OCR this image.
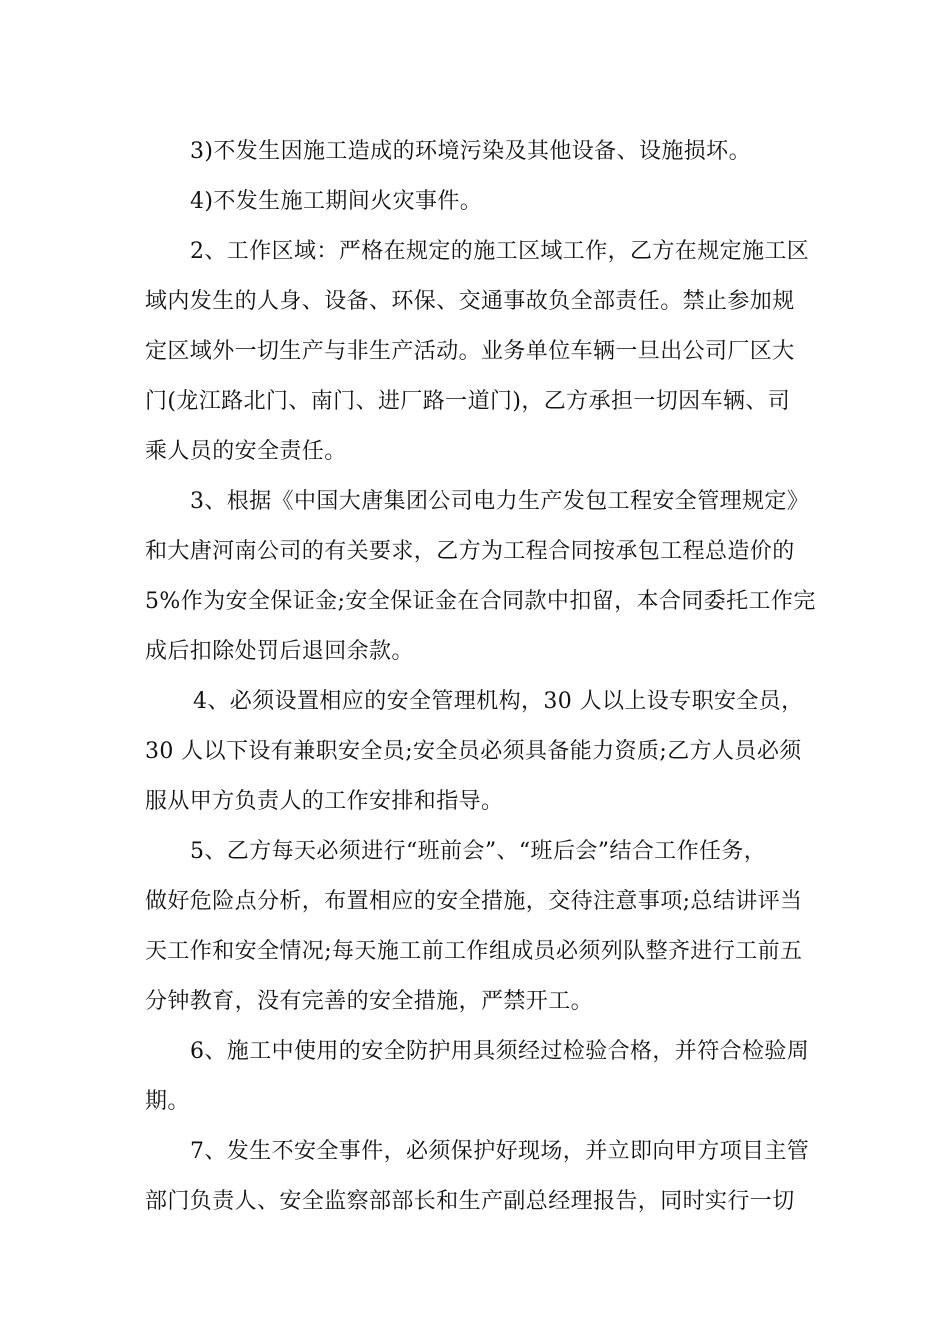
3)不发生因施工造成的环境污染及其他设备、设施损坏。
4)不发生施工期间火灾事件。
2、工作区域：严格在规定的施工区域工作，乙方在规定施工区
域内发生的人身、设备、环保、交通事故负全部责任。禁止参加规
定区域外一切生产与非生产活动。业务单位车辆一旦出公司厂区大
门(龙江路北门、南门、进厂路一道门)，乙方承担一切因车辆、司
乘人员的安全责任。
3、根据《中国大唐集团公司电力生产发包工程安全管理规定》
和大唐河南公司的有关要求，乙方为工程合同按承包工程总造价的
5%作为安全保证金;安全保证金在合同款中扣留，本合同委托工作完
成后扣除处罚后退回余款。
4、必须设置相应的安全管理机构，30 人以上设专职安全员，
30 人以下设有兼职安全员;安全员必须具备能力资质;乙方人员必须
服从甲方负责人的工作安排和指导。
5、乙方每天必须进行“班前会”、“班后会”结合工作任务，
做好危险点分析，布置相应的安全措施，交待注意事项;总结讲评当
天工作和安全情况;每天施工前工作组成员必须列队整齐进行工前五
分钟教育，没有完善的安全措施，严禁开工。
6、施工中使用的安全防护用具须经过检验合格，并符合检验周
期。
7、发生不安全事件，必须保护好现场，并立即向甲方项目主管
部门负责人、安全监察部部长和生产副总经理报告，同时实行一切
